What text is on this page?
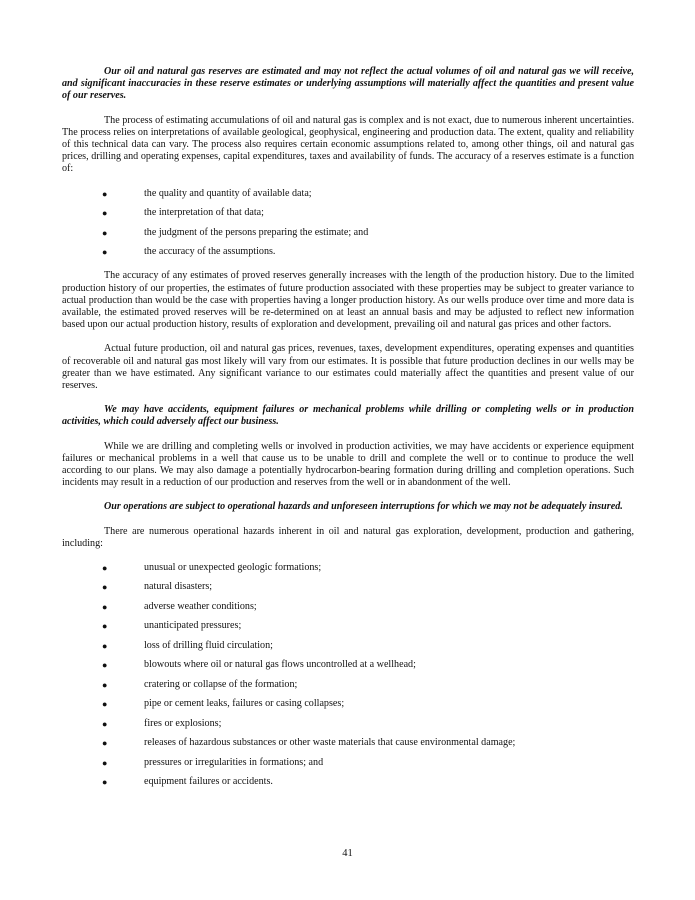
Our oil and natural gas reserves are estimated and may not reflect the actual volumes of oil and natural gas we will receive, and significant inaccuracies in these reserve estimates or underlying assumptions will materially affect the quantities and present value of our reserves.

The process of estimating accumulations of oil and natural gas is complex and is not exact, due to numerous inherent uncertainties. The process relies on interpretations of available geological, geophysical, engineering and production data. The extent, quality and reliability of this technical data can vary. The process also requires certain economic assumptions related to, among other things, oil and natural gas prices, drilling and operating expenses, capital expenditures, taxes and availability of funds. The accuracy of a reserves estimate is a function of:

●	the quality and quantity of available data;
●	the interpretation of that data;
●	the judgment of the persons preparing the estimate; and
●	the accuracy of the assumptions.

The accuracy of any estimates of proved reserves generally increases with the length of the production history. Due to the limited production history of our properties, the estimates of future production associated with these properties may be subject to greater variance to actual production than would be the case with properties having a longer production history. As our wells produce over time and more data is available, the estimated proved reserves will be re-determined on at least an annual basis and may be adjusted to reflect new information based upon our actual production history, results of exploration and development, prevailing oil and natural gas prices and other factors.

Actual future production, oil and natural gas prices, revenues, taxes, development expenditures, operating expenses and quantities of recoverable oil and natural gas most likely will vary from our estimates. It is possible that future production declines in our wells may be greater than we have estimated. Any significant variance to our estimates could materially affect the quantities and present value of our reserves.

We may have accidents, equipment failures or mechanical problems while drilling or completing wells or in production activities, which could adversely affect our business.

While we are drilling and completing wells or involved in production activities, we may have accidents or experience equipment failures or mechanical problems in a well that cause us to be unable to drill and complete the well or to continue to produce the well according to our plans. We may also damage a potentially hydrocarbon-bearing formation during drilling and completion operations. Such incidents may result in a reduction of our production and reserves from the well or in abandonment of the well.

Our operations are subject to operational hazards and unforeseen interruptions for which we may not be adequately insured.

There are numerous operational hazards inherent in oil and natural gas exploration, development, production and gathering, including:

●	unusual or unexpected geologic formations;
●	natural disasters;
●	adverse weather conditions;
●	unanticipated pressures;
●	loss of drilling fluid circulation;
●	blowouts where oil or natural gas flows uncontrolled at a wellhead;
●	cratering or collapse of the formation;
●	pipe or cement leaks, failures or casing collapses;
●	fires or explosions;
●	releases of hazardous substances or other waste materials that cause environmental damage;
●	pressures or irregularities in formations; and
●	equipment failures or accidents.
41
